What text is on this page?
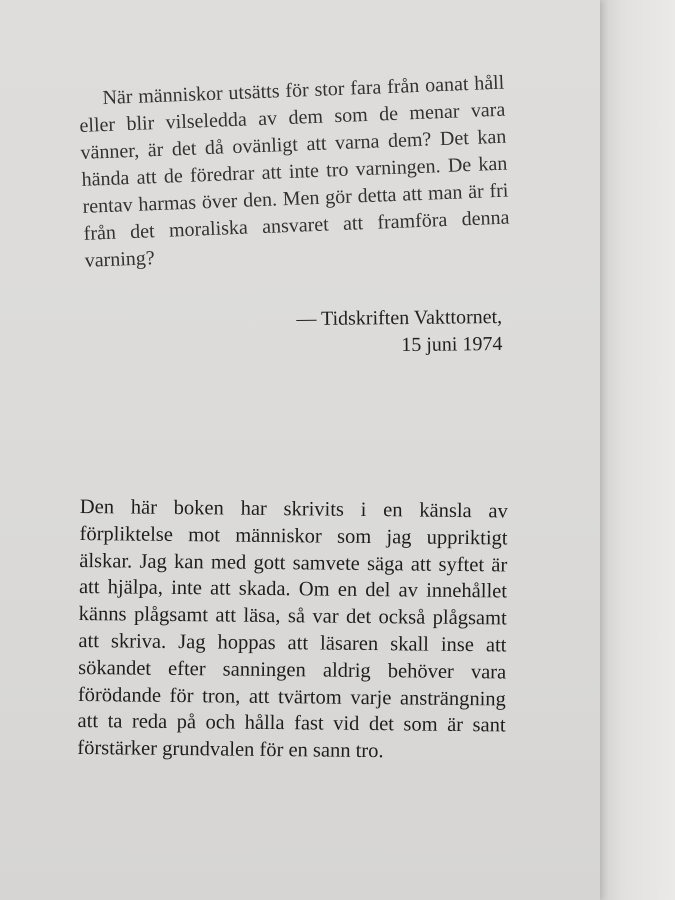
När människor utsätts för stor fara från oanat håll eller blir vilseledda av dem som de menar vara vänner, är det då ovänligt att varna dem? Det kan hända att de föredrar att inte tro varningen. De kan rentav harmas över den. Men gör detta att man är fri från det moraliska ansvaret att framföra denna varning?

— Tidskriften Vakttornet,
15 juni 1974

Den här boken har skrivits i en känsla av förpliktelse mot människor som jag uppriktigt älskar. Jag kan med gott samvete säga att syftet är att hjälpa, inte att skada. Om en del av innehållet känns plågsamt att läsa, så var det också plågsamt att skriva. Jag hoppas att läsaren skall inse att sökandet efter sanningen aldrig behöver vara förödande för tron, att tvärtom varje ansträngning att ta reda på och hålla fast vid det som är sant förstärker grundvalen för en sann tro.
